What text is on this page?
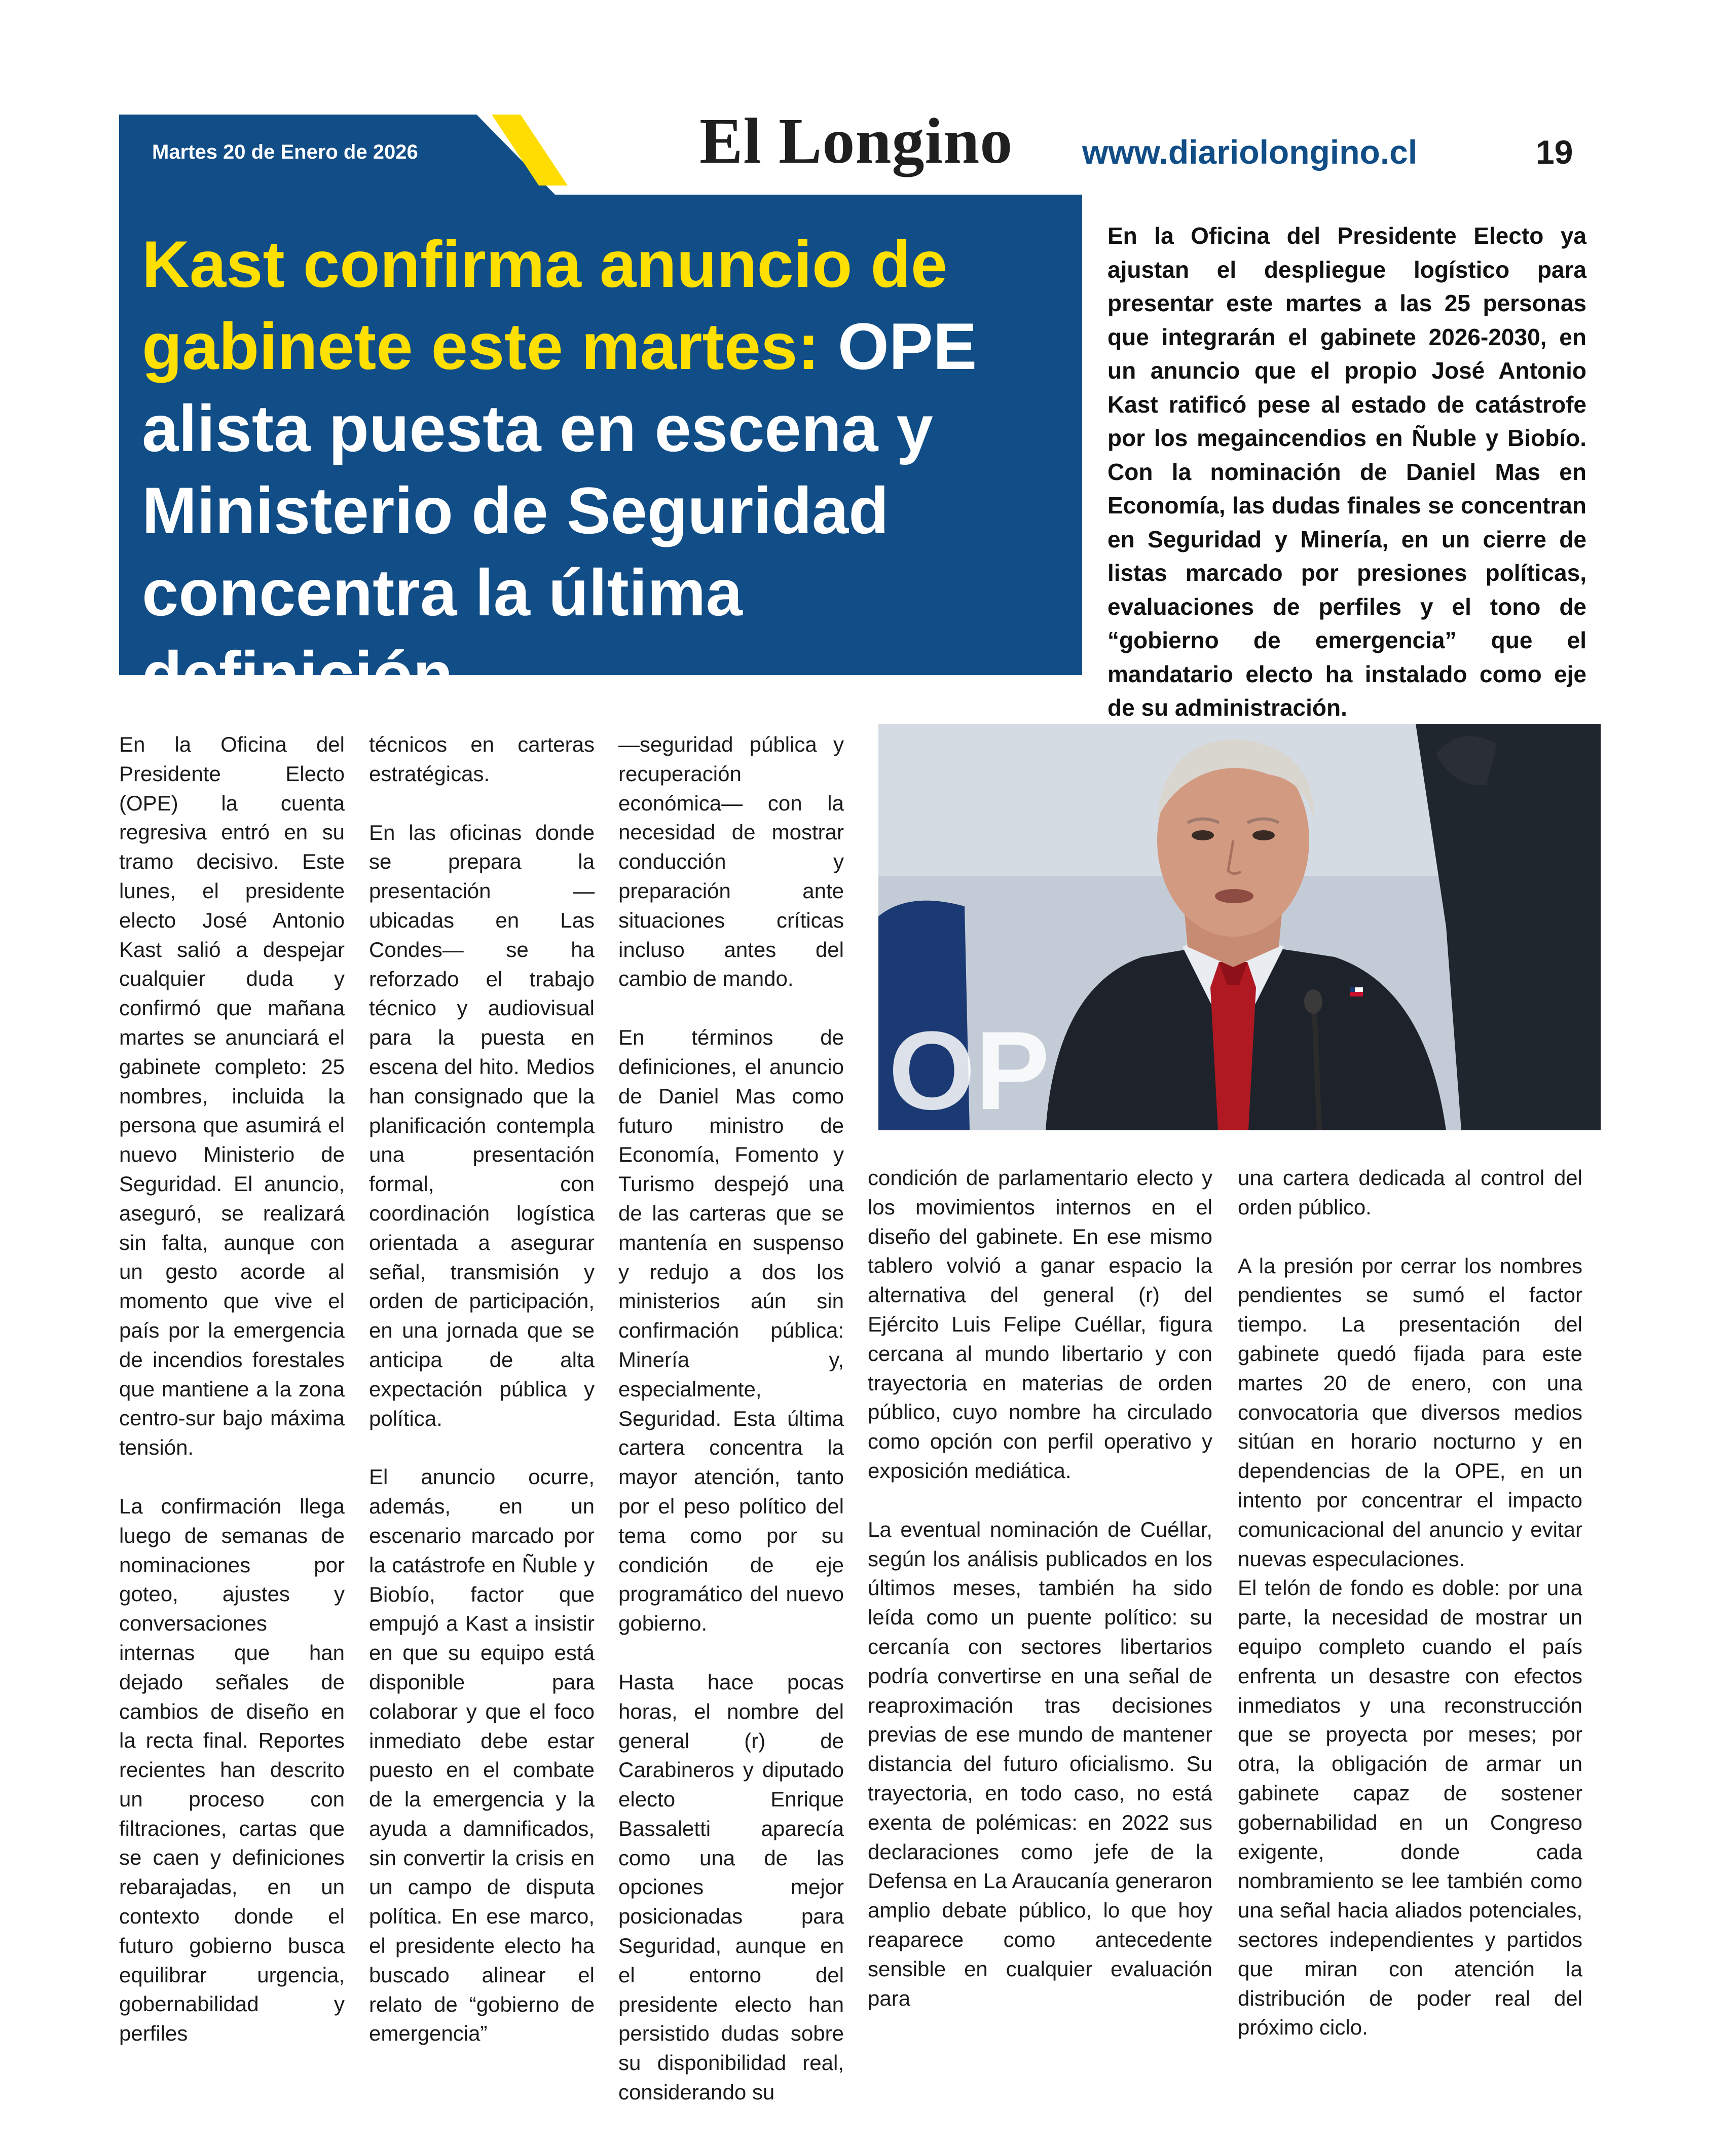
Martes 20 de Enero de 2026	El Longino www.diariolongino.cl	19
Kast confirma anuncio de gabinete este martes: OPE alista puesta en escena y Ministerio de Seguridad concentra la última definición

En la Oficina del Presidente Electo ya ajustan el despliegue logístico para presentar este martes a las 25 personas que integrarán el gabinete 2026-2030, en un anuncio que el propio José Antonio Kast ratificó pese al estado de catástrofe por los megaincendios en Ñuble y Biobío. Con la nominación de Daniel Mas en Economía, las dudas finales se concentran en Seguridad y Minería, en un cierre de listas marcado por presiones políticas, evaluaciones de perfiles y el tono de “gobierno de emergencia” que el mandatario electo ha instalado como eje de su administración.

En la Oficina del Presidente Electo (OPE) la cuenta regresiva entró en su tramo decisivo. Este lunes, el presidente electo José Antonio Kast salió a despejar cualquier duda y confirmó que mañana martes se anunciará el gabinete completo: 25 nombres, incluida la persona que asumirá el nuevo Ministerio de Seguridad. El anuncio, aseguró, se realizará sin falta, aunque con un gesto acorde al momento que vive el país por la emergencia de incendios forestales que mantiene a la zona centro-sur bajo máxima tensión.

La confirmación llega luego de semanas de nominaciones por goteo, ajustes y conversaciones internas que han dejado señales de cambios de diseño en la recta final. Reportes recientes han descrito un proceso con filtraciones, cartas que se caen y definiciones rebarajadas, en un contexto donde el futuro gobierno busca equilibrar urgencia, gobernabilidad y perfiles

técnicos en carteras estratégicas.

En las oficinas donde se prepara la presentación —ubicadas en Las Condes— se ha reforzado el trabajo técnico y audiovisual para la puesta en escena del hito. Medios han consignado que la planificación contempla una presentación formal, con coordinación logística orientada a asegurar señal, transmisión y orden de participación, en una jornada que se anticipa de alta expectación pública y política.

El anuncio ocurre, además, en un escenario marcado por la catástrofe en Ñuble y Biobío, factor que empujó a Kast a insistir en que su equipo está disponible para colaborar y que el foco inmediato debe estar puesto en el combate de la emergencia y la ayuda a damnificados, sin convertir la crisis en un campo de disputa política. En ese marco, el presidente electo ha buscado alinear el relato de “gobierno de emergencia”

—seguridad pública y recuperación económica— con la necesidad de mostrar conducción y preparación ante situaciones críticas incluso antes del cambio de mando.

En términos de definiciones, el anuncio de Daniel Mas como futuro ministro de Economía, Fomento y Turismo despejó una de las carteras que se mantenía en suspenso y redujo a dos los ministerios aún sin confirmación pública: Minería y, especialmente, Seguridad. Esta última cartera concentra la mayor atención, tanto por el peso político del tema como por su condición de eje programático del nuevo gobierno.

Hasta hace pocas horas, el nombre del general (r) de Carabineros y diputado electo Enrique Bassaletti aparecía como una de las opciones mejor posicionadas para Seguridad, aunque en el entorno del presidente electo han persistido dudas sobre su disponibilidad real, considerando su

OP

condición de parlamentario electo y los movimientos internos en el diseño del gabinete. En ese mismo tablero volvió a ganar espacio la alternativa del general (r) del Ejército Luis Felipe Cuéllar, figura cercana al mundo libertario y con trayectoria en materias de orden público, cuyo nombre ha circulado como opción con perfil operativo y exposición mediática.

La eventual nominación de Cuéllar, según los análisis publicados en los últimos meses, también ha sido leída como un puente político: su cercanía con sectores libertarios podría convertirse en una señal de reaproximación tras decisiones previas de ese mundo de mantener distancia del futuro oficialismo. Su trayectoria, en todo caso, no está exenta de polémicas: en 2022 sus declaraciones como jefe de la Defensa en La Araucanía generaron amplio debate público, lo que hoy reaparece como antecedente sensible en cualquier evaluación para

una cartera dedicada al control del orden público.

A la presión por cerrar los nombres pendientes se sumó el factor tiempo. La presentación del gabinete quedó fijada para este martes 20 de enero, con una convocatoria que diversos medios sitúan en horario nocturno y en dependencias de la OPE, en un intento por concentrar el impacto comunicacional del anuncio y evitar nuevas especulaciones.

El telón de fondo es doble: por una parte, la necesidad de mostrar un equipo completo cuando el país enfrenta un desastre con efectos inmediatos y una reconstrucción que se proyecta por meses; por otra, la obligación de armar un gabinete capaz de sostener gobernabilidad en un Congreso exigente, donde cada nombramiento se lee también como una señal hacia aliados potenciales, sectores independientes y partidos que miran con atención la distribución de poder real del próximo ciclo.
